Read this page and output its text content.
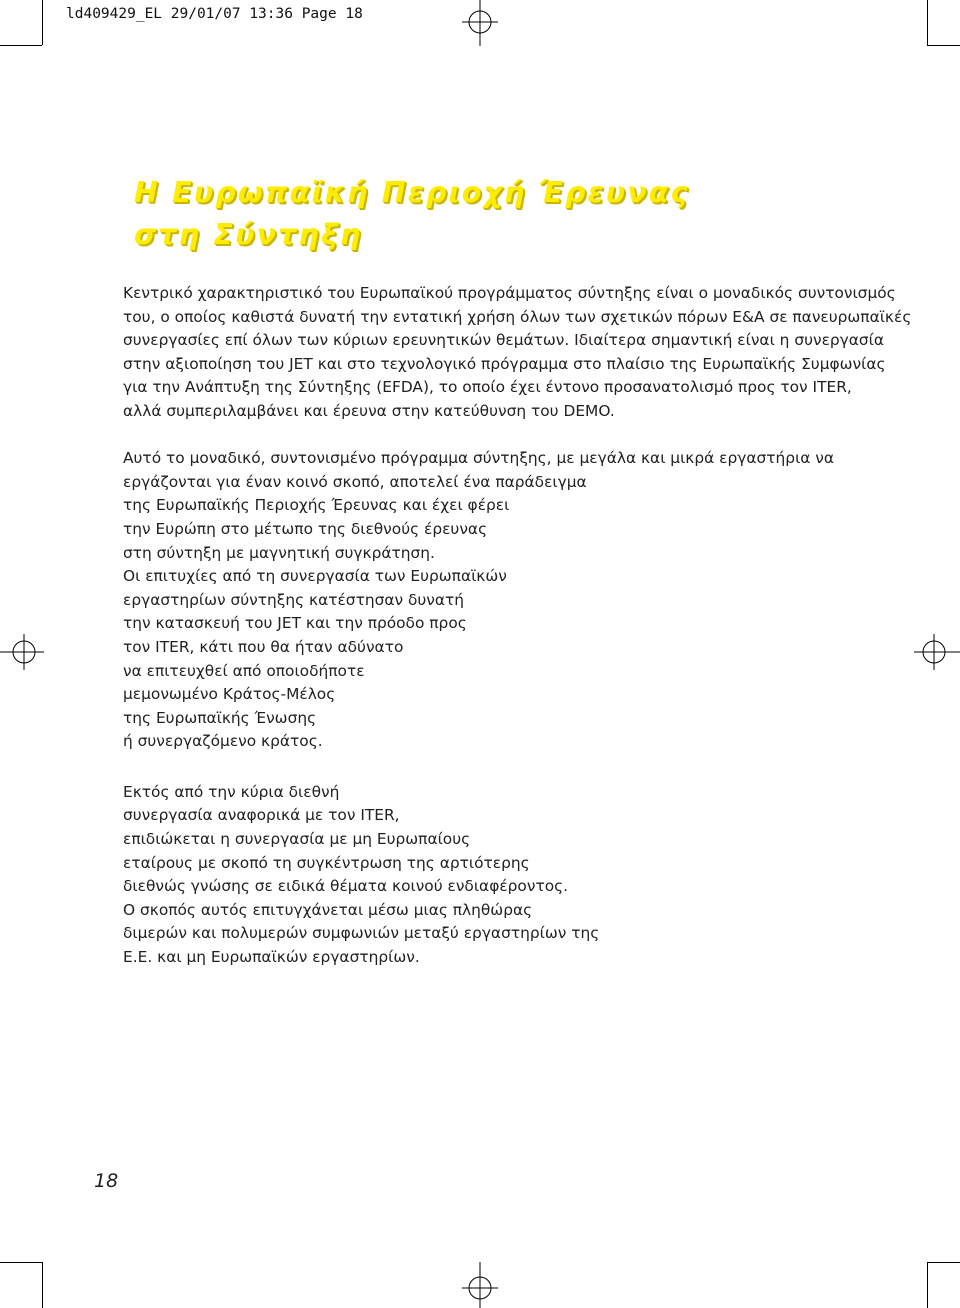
ld409429_EL 29/01/07 13:36 Page 18
Η Ευρωπαϊκή Περιοχή Έρευνας
στη Σύντηξη

Κεντρικό χαρακτηριστικό του Ευρωπαϊκού προγράμματος σύντηξης είναι ο μοναδικός συντονισμός
του, ο οποίος καθιστά δυνατή την εντατική χρήση όλων των σχετικών πόρων Ε&Α σε πανευρωπαϊκές
συνεργασίες επί όλων των κύριων ερευνητικών θεμάτων. Ιδιαίτερα σημαντική είναι η συνεργασία
στην αξιοποίηση του JET και στο τεχνολογικό πρόγραμμα στο πλαίσιο της Ευρωπαϊκής Συμφωνίας
για την Ανάπτυξη της Σύντηξης (EFDA), το οποίο έχει έντονο προσανατολισμό προς τον ITER,
αλλά συμπεριλαμβάνει και έρευνα στην κατεύθυνση του DEMO.

Αυτό το μοναδικό, συντονισμένο πρόγραμμα σύντηξης, με μεγάλα και μικρά εργαστήρια να
εργάζονται για έναν κοινό σκοπό, αποτελεί ένα παράδειγμα
της Ευρωπαϊκής Περιοχής Έρευνας και έχει φέρει
την Ευρώπη στο μέτωπο της διεθνούς έρευνας
στη σύντηξη με μαγνητική συγκράτηση.
Οι επιτυχίες από τη συνεργασία των Ευρωπαϊκών
εργαστηρίων σύντηξης κατέστησαν δυνατή
την κατασκευή του JET και την πρόοδο προς
τον ITER, κάτι που θα ήταν αδύνατο
να επιτευχθεί από οποιοδήποτε
μεμονωμένο Κράτος-Μέλος
της Ευρωπαϊκής Ένωσης
ή συνεργαζόμενο κράτος.

Εκτός από την κύρια διεθνή
συνεργασία αναφορικά με τον ITER,
επιδιώκεται η συνεργασία με μη Ευρωπαίους
εταίρους με σκοπό τη συγκέντρωση της αρτιότερης
διεθνώς γνώσης σε ειδικά θέματα κοινού ενδιαφέροντος.
Ο σκοπός αυτός επιτυγχάνεται μέσω μιας πληθώρας
διμερών και πολυμερών συμφωνιών μεταξύ εργαστηρίων της
Ε.Ε. και μη Ευρωπαϊκών εργαστηρίων.

18
